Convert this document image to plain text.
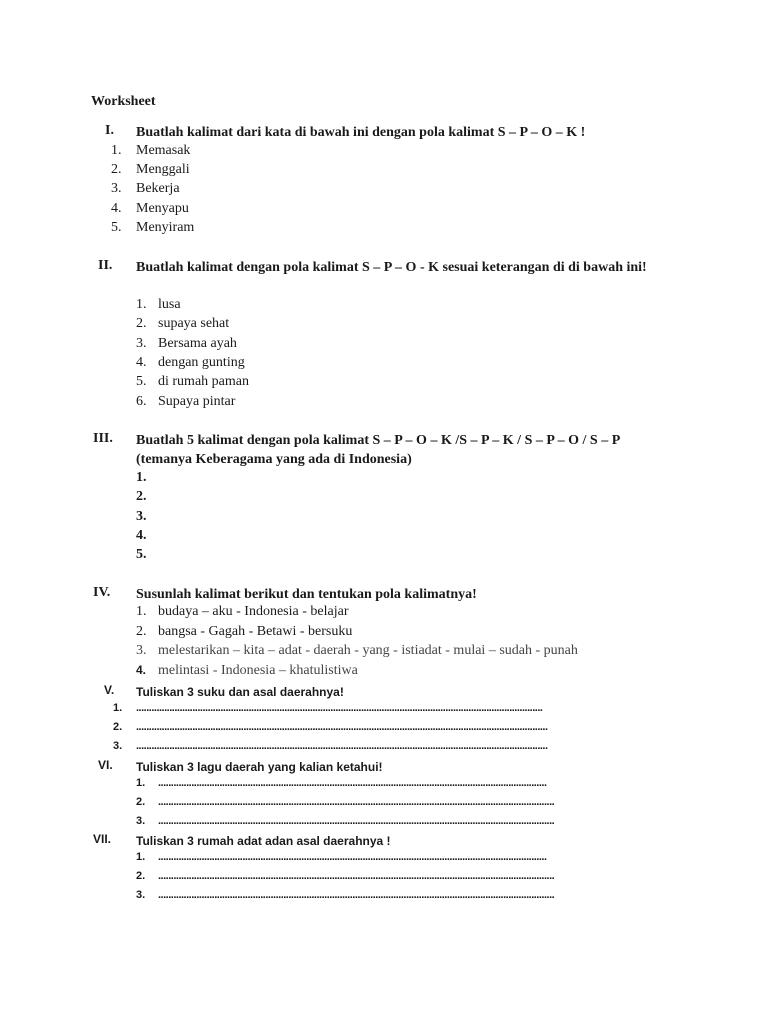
Worksheet
I. Buatlah kalimat dari kata di bawah ini dengan pola kalimat S – P – O – K !
1. Memasak
2. Menggali
3. Bekerja
4. Menyapu
5. Menyiram
II. Buatlah kalimat dengan pola kalimat S – P – O - K sesuai keterangan di di bawah ini!
1. lusa
2. supaya sehat
3. Bersama ayah
4. dengan gunting
5. di rumah paman
6. Supaya pintar
III. Buatlah 5 kalimat dengan pola kalimat S – P – O – K /S – P – K / S – P – O / S – P (temanya Keberagama yang ada di Indonesia)
1.
2.
3.
4.
5.
IV. Susunlah kalimat berikut dan tentukan pola kalimatnya!
1. budaya – aku - Indonesia - belajar
2. bangsa - Gagah - Betawi - bersuku
3. melestarikan – kita – adat - daerah - yang - istiadat - mulai – sudah - punah
4. melintasi - Indonesia – khatulistiwa
V. Tuliskan 3 suku dan asal daerahnya!
1. ...............................................................................................................................................................
2. .................................................................................................................................................................
3. .................................................................................................................................................................
VI. Tuliskan 3 lagu daerah yang kalian ketahui!
1. ........................................................................................................................................................
2. ...........................................................................................................................................................
3. ...........................................................................................................................................................
VII. Tuliskan 3 rumah adat adan asal daerahnya !
1. ........................................................................................................................................................
2. ...........................................................................................................................................................
3. ...........................................................................................................................................................
